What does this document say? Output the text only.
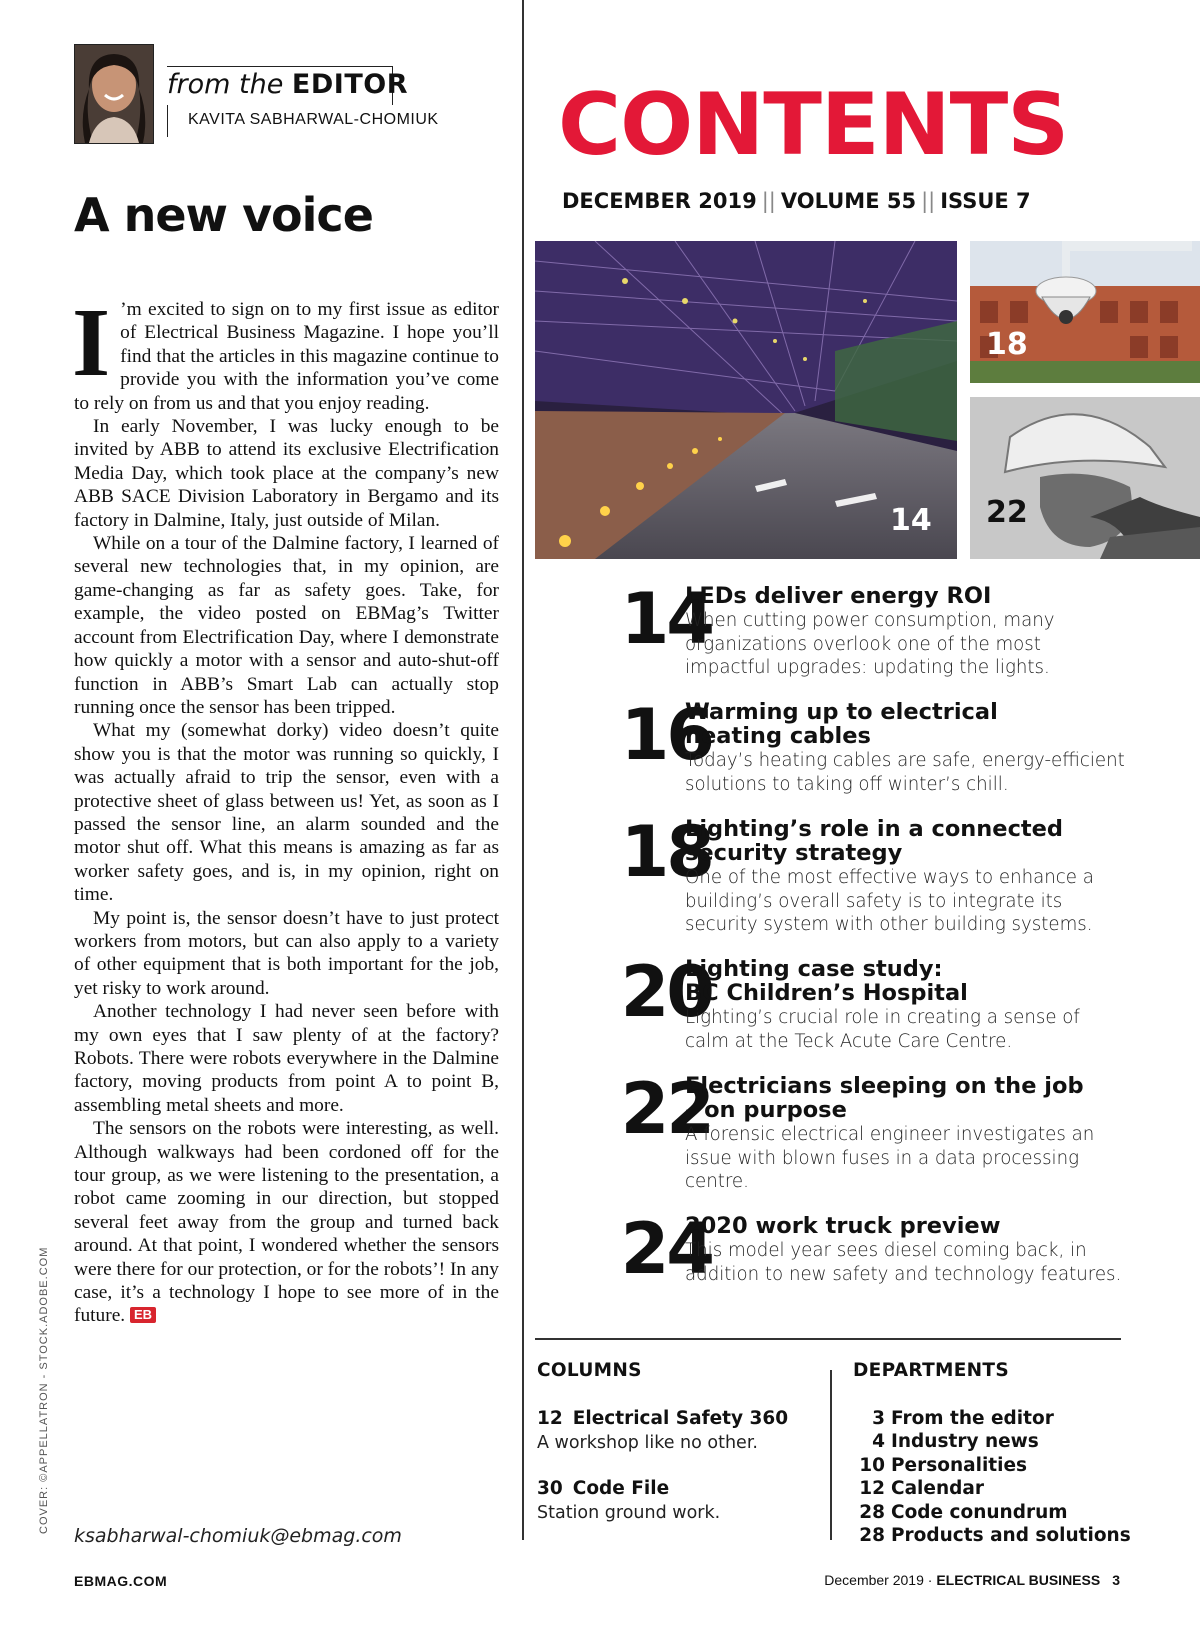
from the EDITOR
KAVITA SABHARWAL-CHOMIUK
A new voice

I ’m excited to sign on to my first issue as editor of Electrical Business Magazine. I hope you’ll find that the articles in this magazine continue to provide you with the information you’ve come to rely on from us and that you enjoy reading.

In early November, I was lucky enough to be invited by ABB to attend its exclusive Electrification Media Day, which took place at the company’s new ABB SACE Division Laboratory in Bergamo and its factory in Dalmine, Italy, just outside of Milan.

While on a tour of the Dalmine factory, I learned of several new technologies that, in my opinion, are game-changing as far as safety goes. Take, for example, the video posted on EBMag’s Twitter account from Electrification Day, where I demonstrate how quickly a motor with a sensor and auto-shut-off function in ABB’s Smart Lab can actually stop running once the sensor has been tripped.

What my (somewhat dorky) video doesn’t quite show you is that the motor was running so quickly, I was actually afraid to trip the sensor, even with a protective sheet of glass between us! Yet, as soon as I passed the sensor line, an alarm sounded and the motor shut off. What this means is amazing as far as worker safety goes, and is, in my opinion, right on time.

My point is, the sensor doesn’t have to just protect workers from motors, but can also apply to a variety of other equipment that is both important for the job, yet risky to work around.

Another technology I had never seen before with my own eyes that I saw plenty of at the factory? Robots. There were robots everywhere in the Dalmine factory, moving products from point A to point B, assembling metal sheets and more.

The sensors on the robots were interesting, as well. Although walkways had been cordoned off for the tour group, as we were listening to the presentation, a robot came zooming in our direction, but stopped several feet away from the group and turned back around. At that point, I wondered whether the sensors were there for our protection, or for the robots’! In any case, it’s a technology I hope to see more of in the future. EB

COVER: ©APPELLATRON - STOCK.ADOBE.COM
ksabharwal-chomiuk@ebmag.com
CONTENTS
DECEMBER 2019 || VOLUME 55 || ISSUE 7
14
18
22
14
LEDs deliver energy ROI
When cutting power consumption, many organizations overlook one of the most impactful upgrades: updating the lights.
16
Warming up to electrical
heating cables
Today’s heating cables are safe, energy-efficient solutions to taking off winter’s chill.
18
Lighting’s role in a connected
security strategy
One of the most effective ways to enhance a building’s overall safety is to integrate its security system with other building systems.
20
Lighting case study:
BC Children’s Hospital
Lighting’s crucial role in creating a sense of calm at the Teck Acute Care Centre.
22
Electricians sleeping on the job
– on purpose
A forensic electrical engineer investigates an issue with blown fuses in a data processing centre.
24
2020 work truck preview
This model year sees diesel coming back, in addition to new safety and technology features.
COLUMNS
12 Electrical Safety 360
A workshop like no other.
30 Code File
Station ground work.
DEPARTMENTS
3 From the editor
4 Industry news
10 Personalities
12 Calendar
28 Code conundrum
28 Products and solutions
EBMAG.COM	December 2019 · ELECTRICAL BUSINESS 3
